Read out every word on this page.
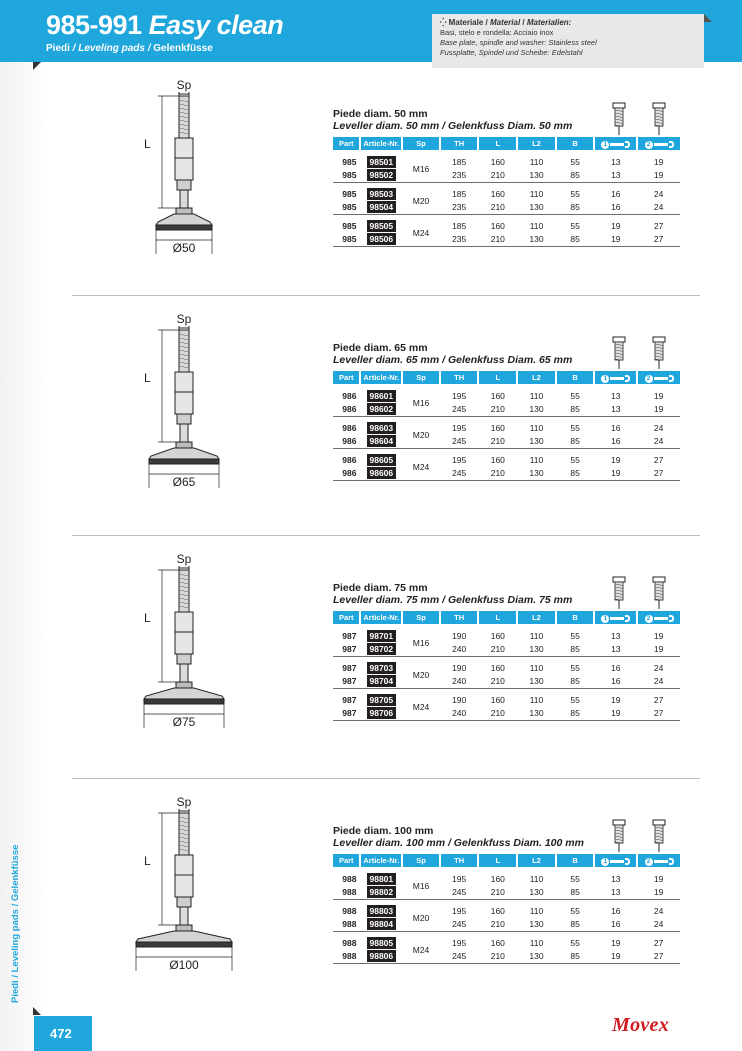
985-991 Easy clean
Piedi / Leveling pads / Gelenkfüsse
⁛ Materiale / Material / Materialien:
Basi, stelo e rondella: Acciaio inox
Base plate, spindle and washer: Stainless steel
Fussplatte, Spindel und Scheibe: Edelstahl
Piedi / Leveling pads / Gelenkfüsse
Sp
L
Ø50
Piede diam. 50 mm
Leveller diam. 50 mm / Gelenkfuss Diam. 50 mm
Part	Article-Nr.	Sp	TH	L	L2	B	1	2

985	98501	M16	185	160	110	55	13	19
985	98502		235	210	130	85	13	19

985	98503	M20	185	160	110	55	16	24
985	98504		235	210	130	85	16	24

985	98505	M24	185	160	110	55	19	27
985	98506		235	210	130	85	19	27

Sp
L
Ø65
Piede diam. 65 mm
Leveller diam. 65 mm / Gelenkfuss Diam. 65 mm
Part	Article-Nr.	Sp	TH	L	L2	B	1	2

986	98601	M16	195	160	110	55	13	19
986	98602		245	210	130	85	13	19

986	98603	M20	195	160	110	55	16	24
986	98604		245	210	130	85	16	24

986	98605	M24	195	160	110	55	19	27
986	98606		245	210	130	85	19	27

Sp
L
Ø75
Piede diam. 75 mm
Leveller diam. 75 mm / Gelenkfuss Diam. 75 mm
Part	Article-Nr.	Sp	TH	L	L2	B	1	2

987	98701	M16	190	160	110	55	13	19
987	98702		240	210	130	85	13	19

987	98703	M20	190	160	110	55	16	24
987	98704		240	210	130	85	16	24

987	98705	M24	190	160	110	55	19	27
987	98706		240	210	130	85	19	27

Sp
L
Ø100
Piede diam. 100 mm
Leveller diam. 100 mm / Gelenkfuss Diam. 100 mm
Part	Article-Nr.	Sp	TH	L	L2	B	1	2

988	98801	M16	195	160	110	55	13	19
988	98802		245	210	130	85	13	19

988	98803	M20	195	160	110	55	16	24
988	98804		245	210	130	85	16	24

988	98805	M24	195	160	110	55	19	27
988	98806		245	210	130	85	19	27

472	Movex
